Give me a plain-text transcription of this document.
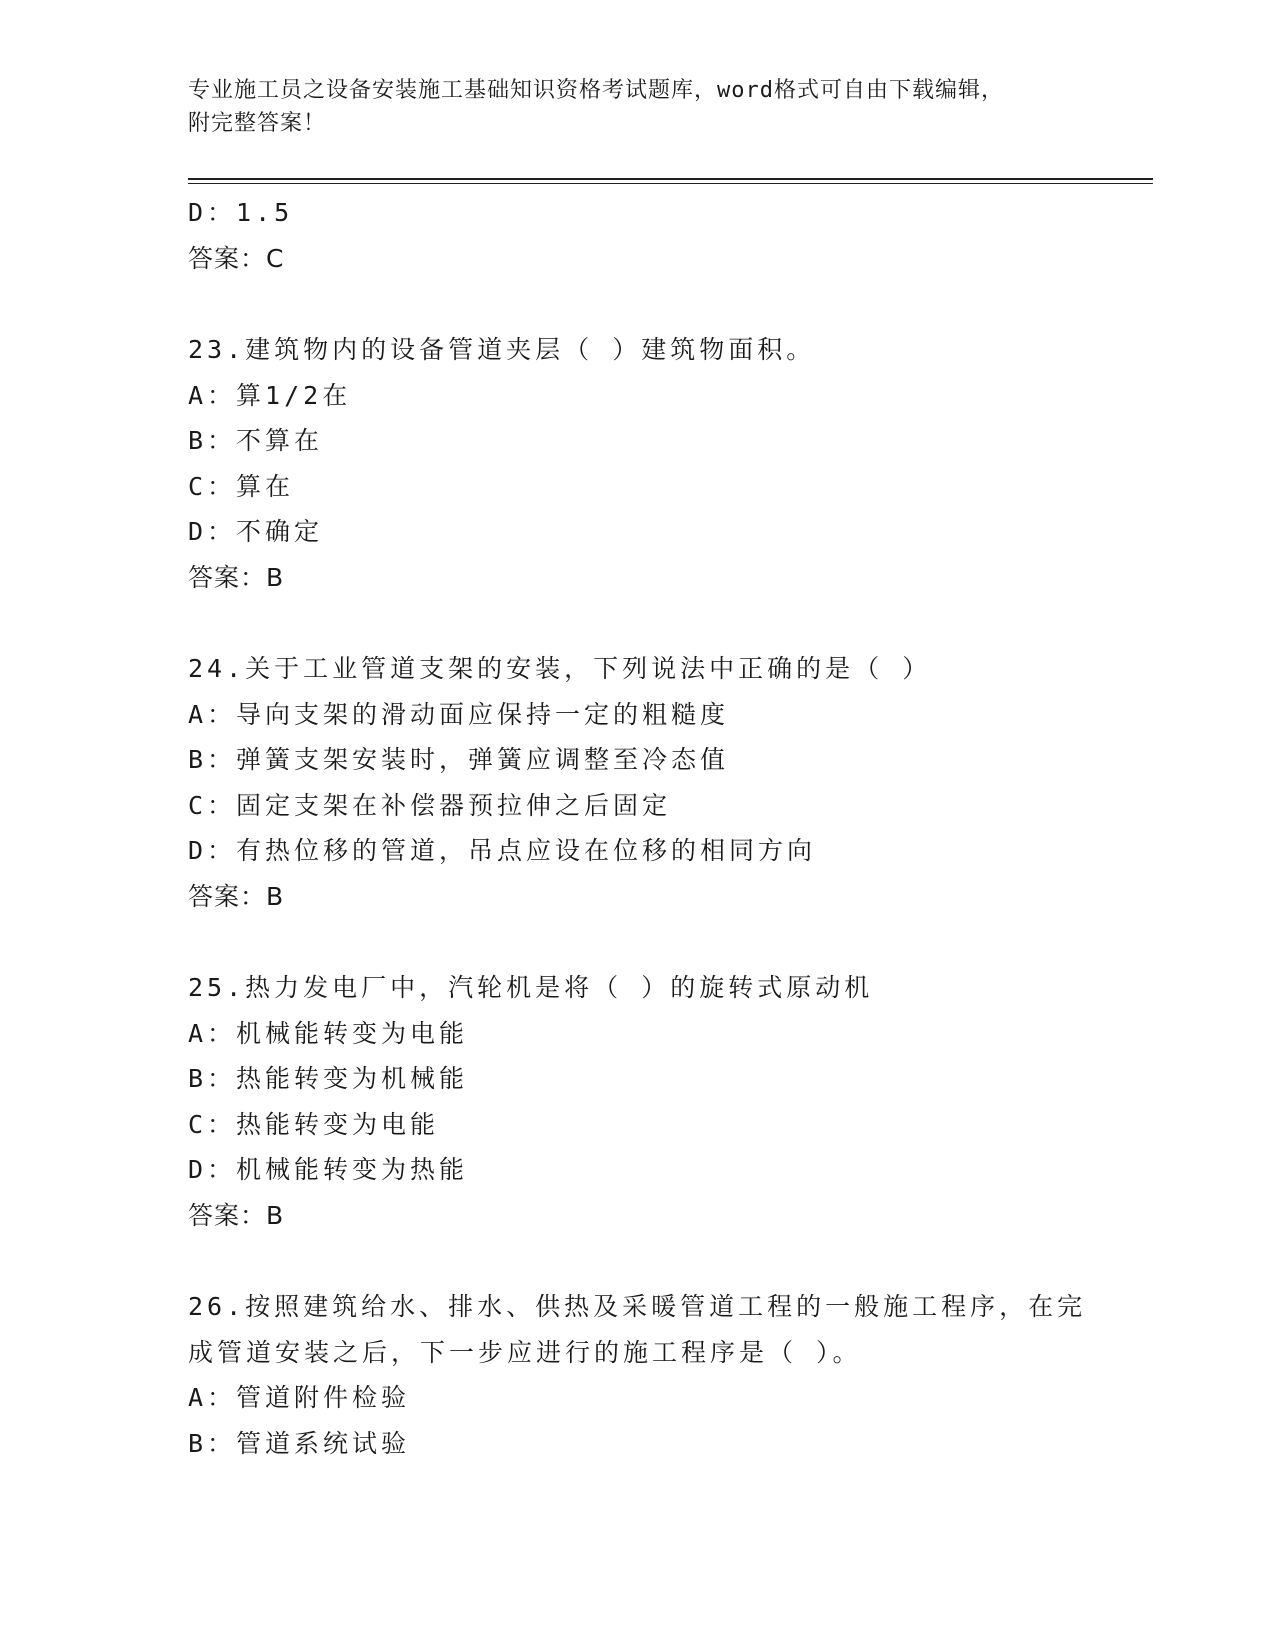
专业施工员之设备安装施工基础知识资格考试题库，word格式可自由下载编辑，
附完整答案！
D：1.5
答案：C
23.建筑物内的设备管道夹层（ ）建筑物面积。
A：算1/2在
B：不算在
C：算在
D：不确定
答案：B
24.关于工业管道支架的安装，下列说法中正确的是（ ）
A：导向支架的滑动面应保持一定的粗糙度
B：弹簧支架安装时，弹簧应调整至冷态值
C：固定支架在补偿器预拉伸之后固定
D：有热位移的管道，吊点应设在位移的相同方向
答案：B
25.热力发电厂中，汽轮机是将（ ）的旋转式原动机
A：机械能转变为电能
B：热能转变为机械能
C：热能转变为电能
D：机械能转变为热能
答案：B
26.按照建筑给水、排水、供热及采暖管道工程的一般施工程序，在完
成管道安装之后，下一步应进行的施工程序是（ ）。
A：管道附件检验
B：管道系统试验
